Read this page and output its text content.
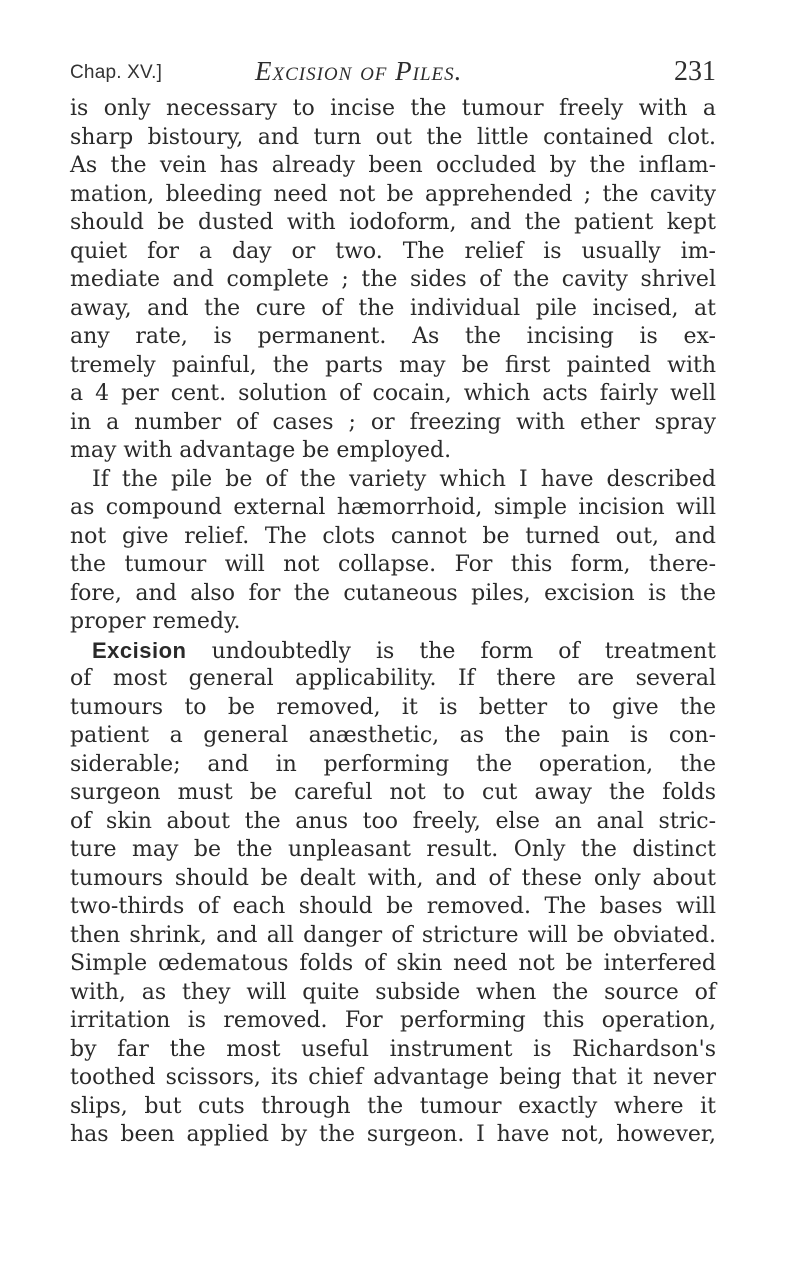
Chap. XV.]	Excision of Piles.	231
is only necessary to incise the tumour freely with a
sharp bistoury, and turn out the little contained clot.
As the vein has already been occluded by the inflam-
mation, bleeding need not be apprehended ; the cavity
should be dusted with iodoform, and the patient kept
quiet for a day or two. The relief is usually im-
mediate and complete ; the sides of the cavity shrivel
away, and the cure of the individual pile incised, at
any rate, is permanent. As the incising is ex-
tremely painful, the parts may be first painted with
a 4 per cent. solution of cocain, which acts fairly well
in a number of cases ; or freezing with ether spray
may with advantage be employed.
If the pile be of the variety which I have described
as compound external hæmorrhoid, simple incision will
not give relief. The clots cannot be turned out, and
the tumour will not collapse. For this form, there-
fore, and also for the cutaneous piles, excision is the
proper remedy.
Excision undoubtedly is the form of treatment
of most general applicability. If there are several
tumours to be removed, it is better to give the
patient a general anæsthetic, as the pain is con-
siderable; and in performing the operation, the
surgeon must be careful not to cut away the folds
of skin about the anus too freely, else an anal stric-
ture may be the unpleasant result. Only the distinct
tumours should be dealt with, and of these only about
two-thirds of each should be removed. The bases will
then shrink, and all danger of stricture will be obviated.
Simple œdematous folds of skin need not be interfered
with, as they will quite subside when the source of
irritation is removed. For performing this operation,
by far the most useful instrument is Richardson's
toothed scissors, its chief advantage being that it never
slips, but cuts through the tumour exactly where it
has been applied by the surgeon. I have not, however,
